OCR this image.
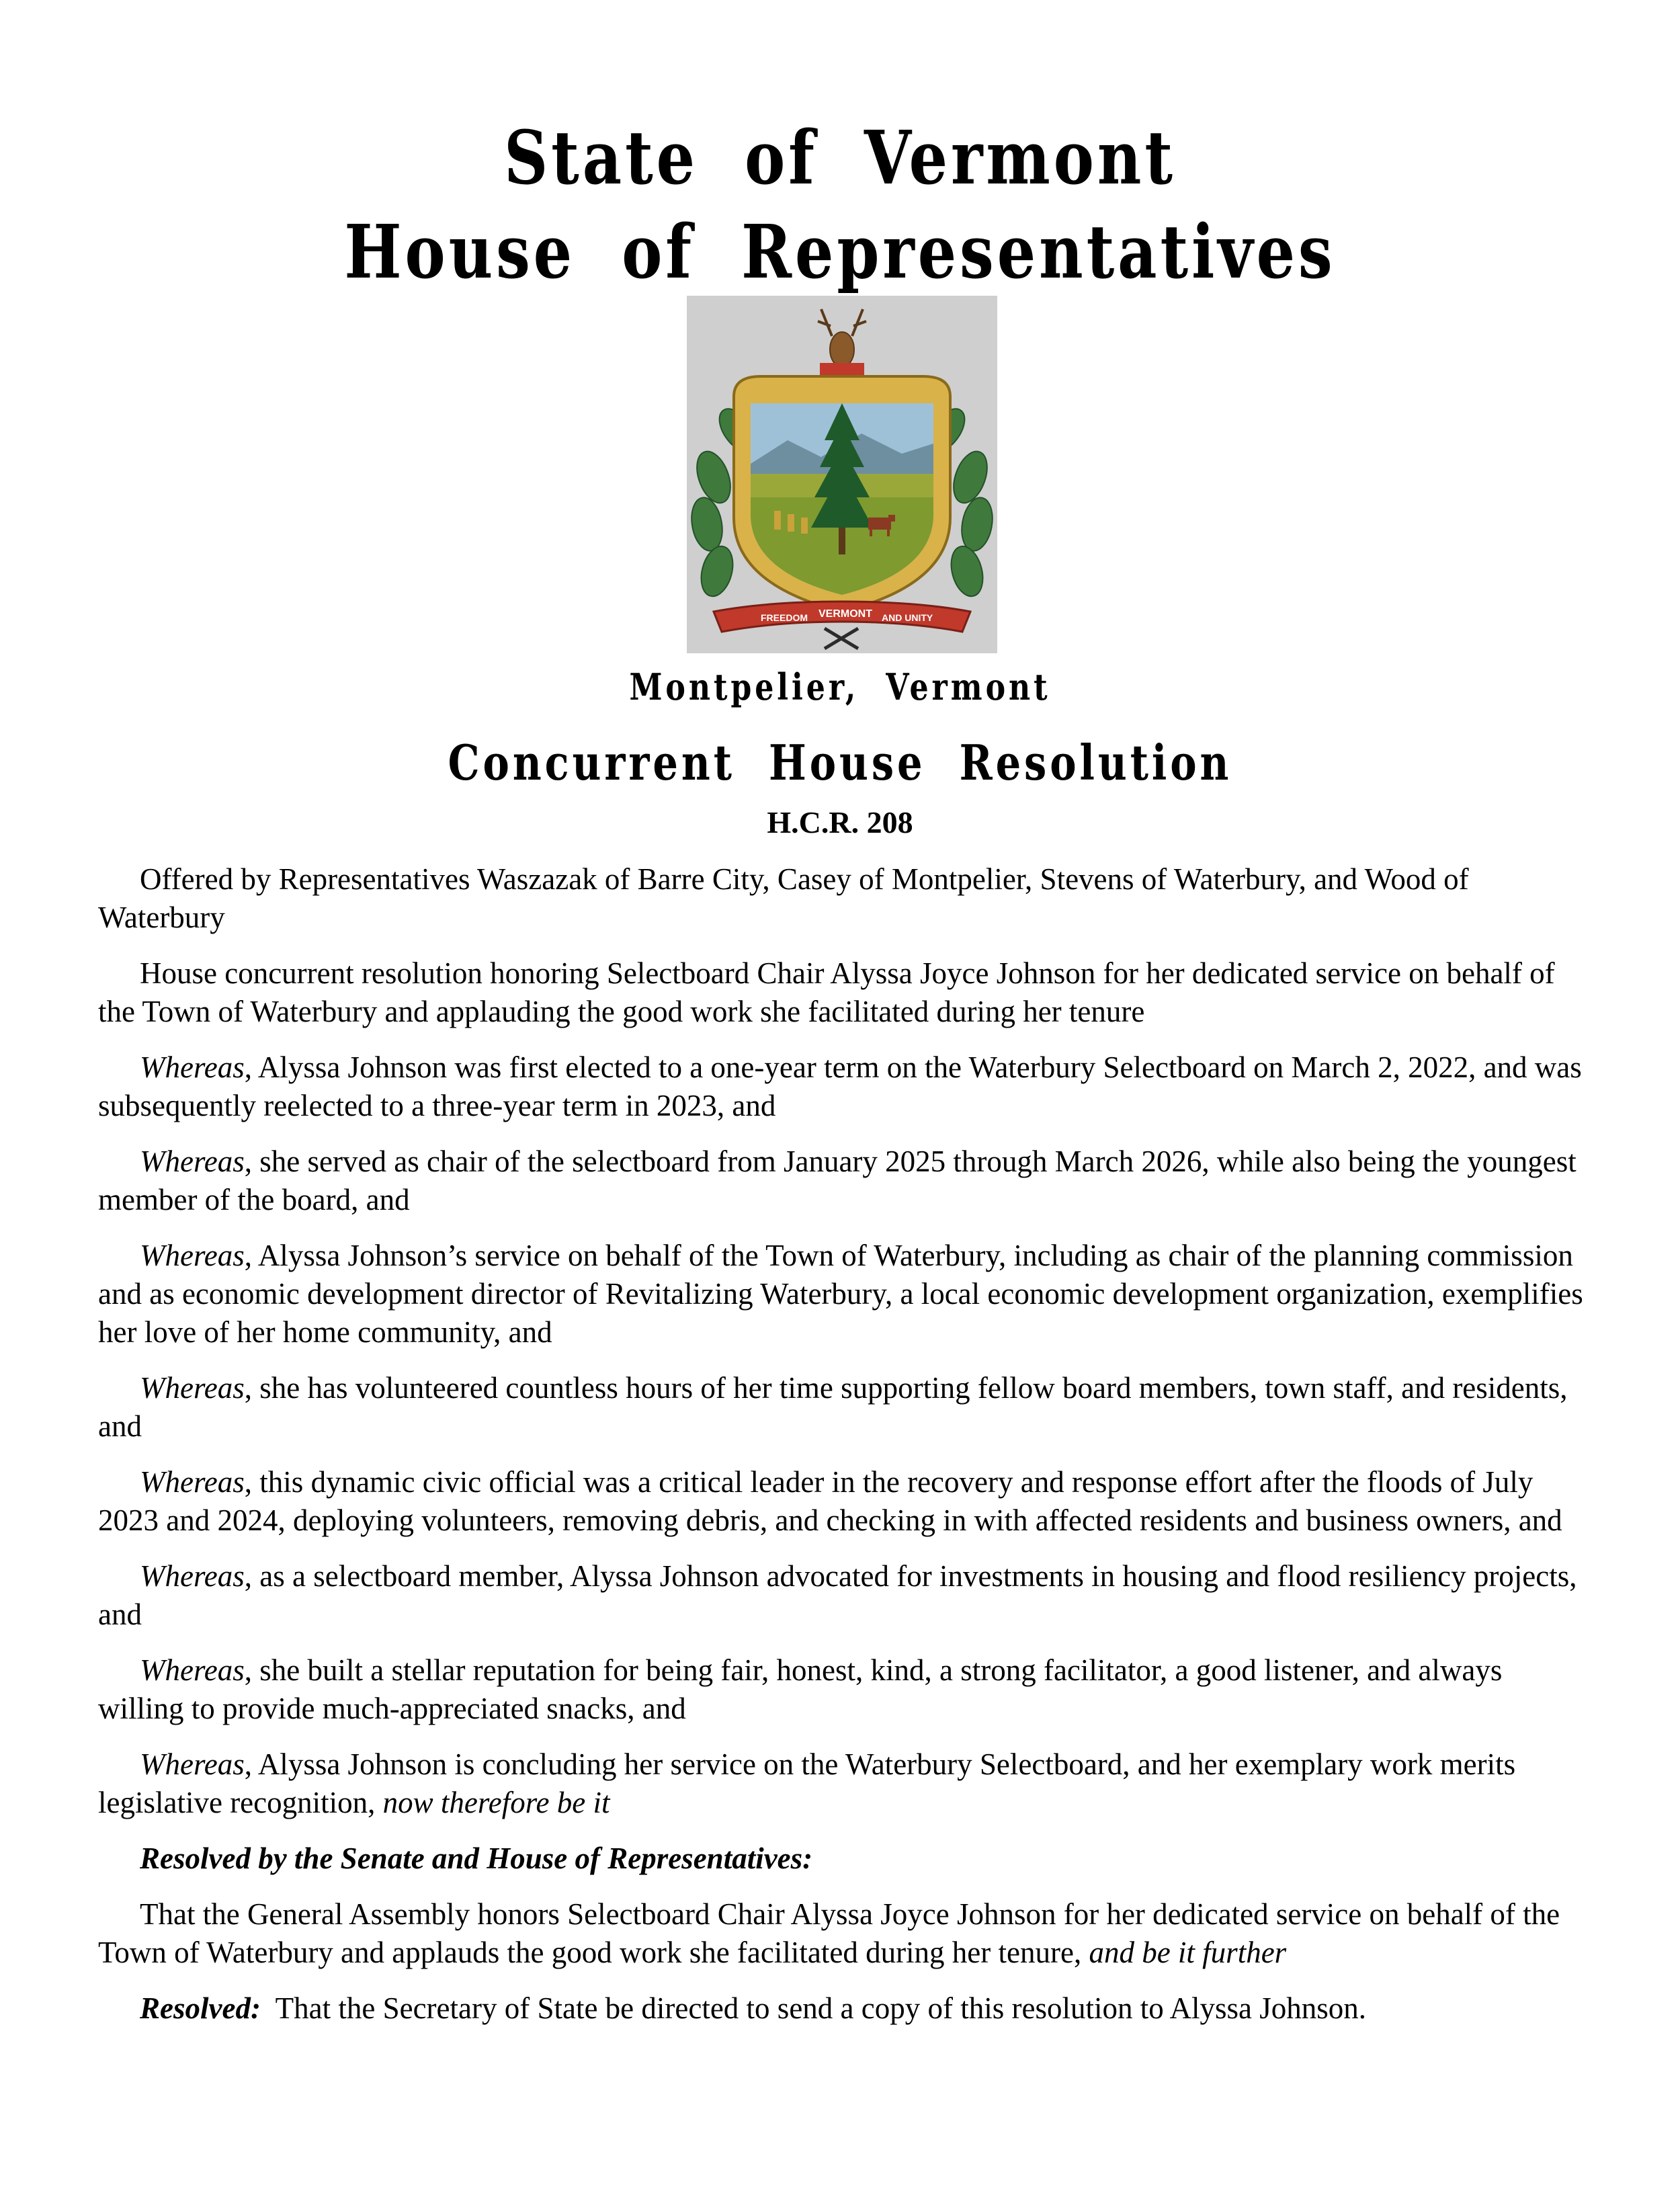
State of Vermont
House of Representatives
FREEDOM VERMONT AND UNITY
Montpelier, Vermont
Concurrent House Resolution
H.C.R. 208

Offered by Representatives Waszazak of Barre City, Casey of Montpelier, Stevens of Waterbury, and Wood of Waterbury

House concurrent resolution honoring Selectboard Chair Alyssa Joyce Johnson for her dedicated service on behalf of the Town of Waterbury and applauding the good work she facilitated during her tenure

Whereas, Alyssa Johnson was first elected to a one-year term on the Waterbury Selectboard on March 2, 2022, and was subsequently reelected to a three-year term in 2023, and

Whereas, she served as chair of the selectboard from January 2025 through March 2026, while also being the youngest member of the board, and

Whereas, Alyssa Johnson’s service on behalf of the Town of Waterbury, including as chair of the planning commission and as economic development director of Revitalizing Waterbury, a local economic development organization, exemplifies her love of her home community, and

Whereas, she has volunteered countless hours of her time supporting fellow board members, town staff, and residents, and

Whereas, this dynamic civic official was a critical leader in the recovery and response effort after the floods of July 2023 and 2024, deploying volunteers, removing debris, and checking in with affected residents and business owners, and

Whereas, as a selectboard member, Alyssa Johnson advocated for investments in housing and flood resiliency projects, and

Whereas, she built a stellar reputation for being fair, honest, kind, a strong facilitator, a good listener, and always willing to provide much-appreciated snacks, and

Whereas, Alyssa Johnson is concluding her service on the Waterbury Selectboard, and her exemplary work merits legislative recognition, now therefore be it

Resolved by the Senate and House of Representatives:

That the General Assembly honors Selectboard Chair Alyssa Joyce Johnson for her dedicated service on behalf of the Town of Waterbury and applauds the good work she facilitated during her tenure, and be it further

Resolved:  That the Secretary of State be directed to send a copy of this resolution to Alyssa Johnson.
